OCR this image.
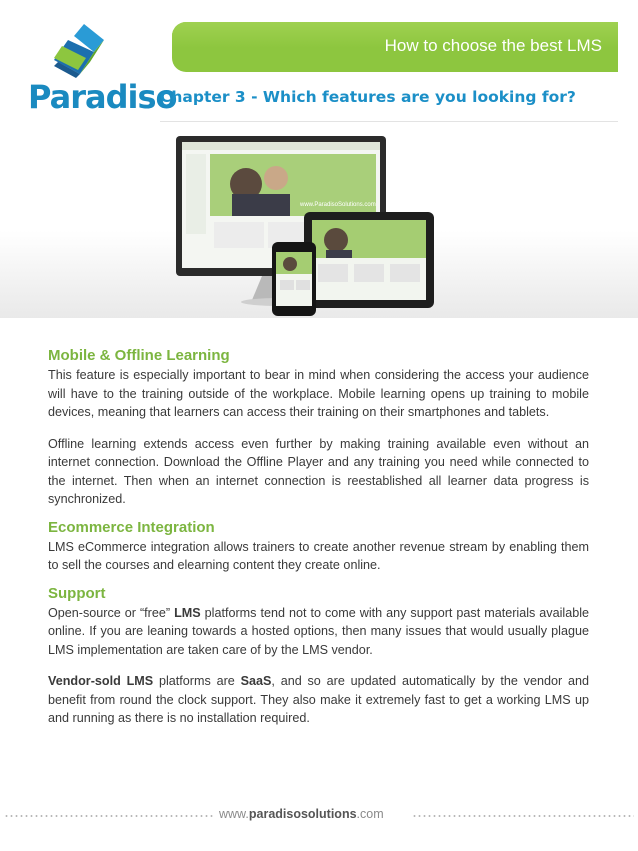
How to choose the best LMS
Paradiso
Chapter 3 - Which features are you looking for?
www.ParadisoSolutions.com
Mobile & Offline Learning

This feature is especially important to bear in mind when considering the access your audience will have to the training outside of the workplace. Mobile learning opens up training to mobile devices, meaning that learners can access their training on their smartphones and tablets.

Offline learning extends access even further by making training available even without an internet connection. Download the Offline Player and any training you need while connected to the internet. Then when an internet connection is reestablished all learner data progress is synchronized.

Ecommerce Integration

LMS eCommerce integration allows trainers to create another revenue stream by enabling them to sell the courses and elearning content they create online.

Support

Open-source or “free” LMS platforms tend not to come with any support past materials available online. If you are leaning towards a hosted options, then many issues that would usually plague LMS implementation are taken care of by the LMS vendor.

Vendor-sold LMS platforms are SaaS, and so are updated automatically by the vendor and benefit from round the clock support. They also make it extremely fast to get a working LMS up and running as there is no installation required.

www.paradisosolutions.com
